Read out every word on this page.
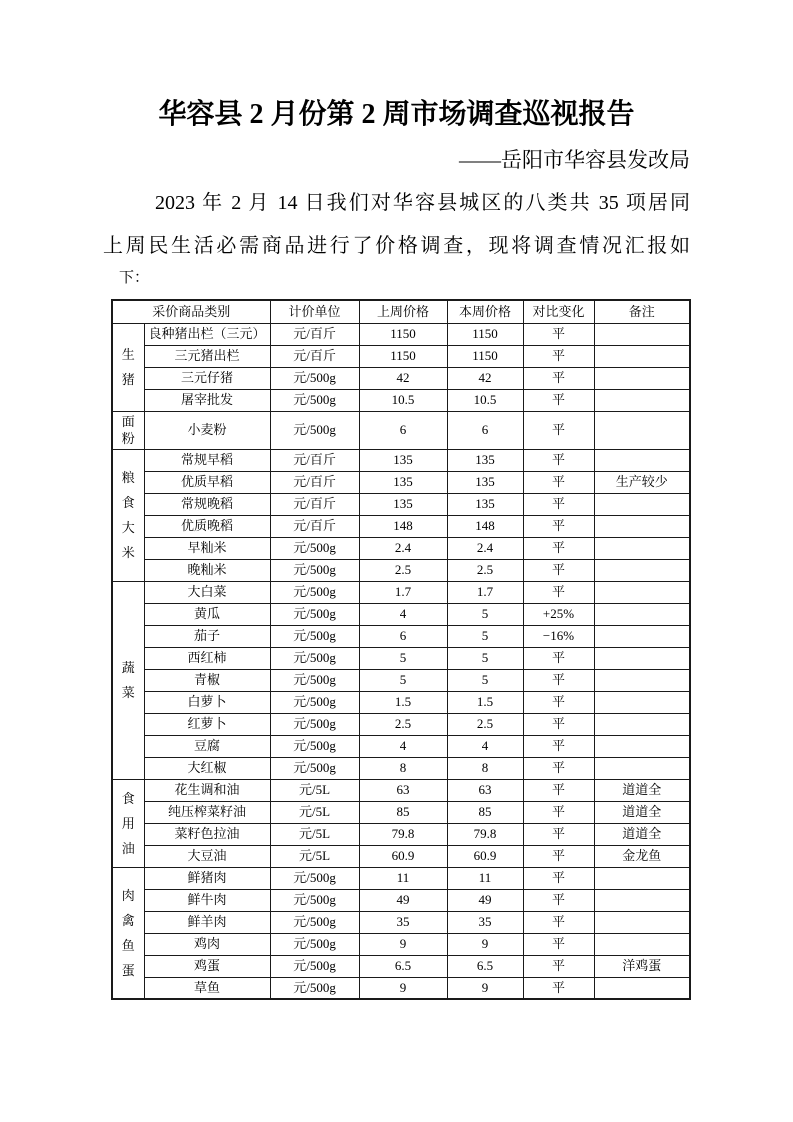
华容县 2 月份第 2 周市场调查巡视报告
——岳阳市华容县发改局
2023 年 2 月 14 日我们对华容县城区的八类共 35 项居同
上周民生活必需商品进行了价格调查，现将调查情况汇报如
下：
采价商品类别		计价单位	上周价格	本周价格	对比变化	备注

生
猪	良种猪出栏（三元）	元/百斤	1150	1150	平	
	三元猪出栏	元/百斤	1150	1150	平	
	三元仔猪	元/500g	42	42	平	
	屠宰批发	元/500g	10.5	10.5	平	

面
粉	小麦粉	元/500g	6	6	平	

粮
食
大
米	常规早稻	元/百斤	135	135	平	
	优质早稻	元/百斤	135	135	平	生产较少
	常规晚稻	元/百斤	135	135	平	
	优质晚稻	元/百斤	148	148	平	
	早籼米	元/500g	2.4	2.4	平	
	晚籼米	元/500g	2.5	2.5	平	

蔬
菜	大白菜	元/500g	1.7	1.7	平	
	黄瓜	元/500g	4	5	+25%	
	茄子	元/500g	6	5	−16%	
	西红柿	元/500g	5	5	平	
	青椒	元/500g	5	5	平	
	白萝卜	元/500g	1.5	1.5	平	
	红萝卜	元/500g	2.5	2.5	平	
	豆腐	元/500g	4	4	平	
	大红椒	元/500g	8	8	平	

食
用
油	花生调和油	元/5L	63	63	平	道道全
	纯压榨菜籽油	元/5L	85	85	平	道道全
	菜籽色拉油	元/5L	79.8	79.8	平	道道全
	大豆油	元/5L	60.9	60.9	平	金龙鱼

肉
禽
鱼
蛋	鲜猪肉	元/500g	11	11	平	
	鲜牛肉	元/500g	49	49	平	
	鲜羊肉	元/500g	35	35	平	
	鸡肉	元/500g	9	9	平	
	鸡蛋	元/500g	6.5	6.5	平	洋鸡蛋
	草鱼	元/500g	9	9	平	
